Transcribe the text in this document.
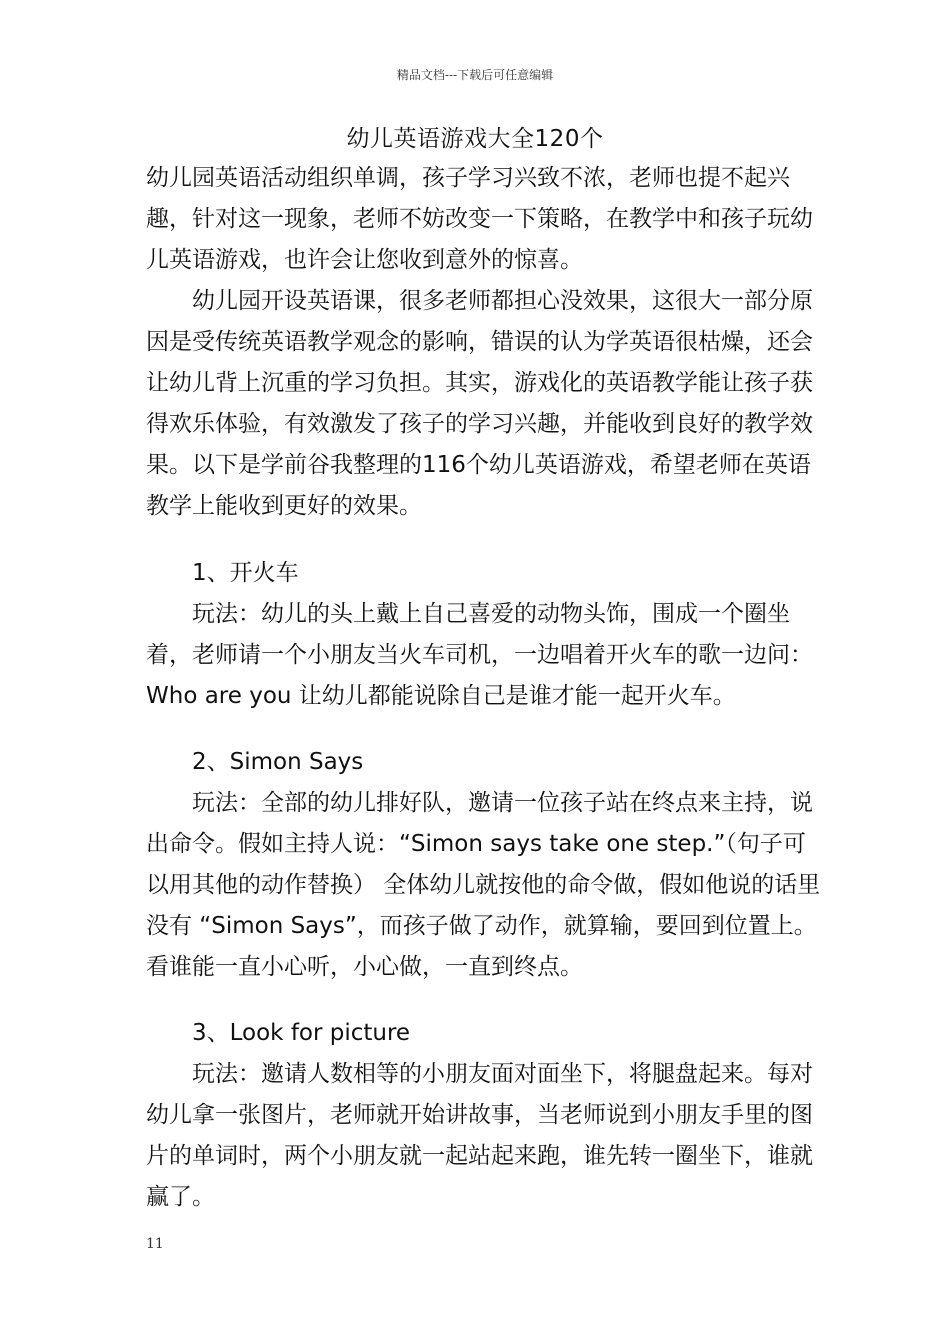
精品文档---下载后可任意编辑
幼儿英语游戏大全120个

幼儿园英语活动组织单调，孩子学习兴致不浓，老师也提不起兴趣，针对这一现象，老师不妨改变一下策略，在教学中和孩子玩幼儿英语游戏，也许会让您收到意外的惊喜。

幼儿园开设英语课，很多老师都担心没效果，这很大一部分原因是受传统英语教学观念的影响，错误的认为学英语很枯燥，还会让幼儿背上沉重的学习负担。其实，游戏化的英语教学能让孩子获得欢乐体验，有效激发了孩子的学习兴趣，并能收到良好的教学效果。以下是学前谷我整理的116个幼儿英语游戏，希望老师在英语教学上能收到更好的效果。

1、开火车

玩法：幼儿的头上戴上自己喜爱的动物头饰，围成一个圈坐着，老师请一个小朋友当火车司机，一边唱着开火车的歌一边问：Who are you 让幼儿都能说除自己是谁才能一起开火车。

2、Simon Says

玩法：全部的幼儿排好队，邀请一位孩子站在终点来主持，说出命令。假如主持人说：“Simon says take one step.”（句子可以用其他的动作替换） 全体幼儿就按他的命令做，假如他说的话里没有 “Simon Says”，而孩子做了动作，就算输，要回到位置上。看谁能一直小心听，小心做，一直到终点。

3、Look for picture

玩法：邀请人数相等的小朋友面对面坐下，将腿盘起来。每对幼儿拿一张图片，老师就开始讲故事，当老师说到小朋友手里的图片的单词时，两个小朋友就一起站起来跑，谁先转一圈坐下，谁就赢了。

11
